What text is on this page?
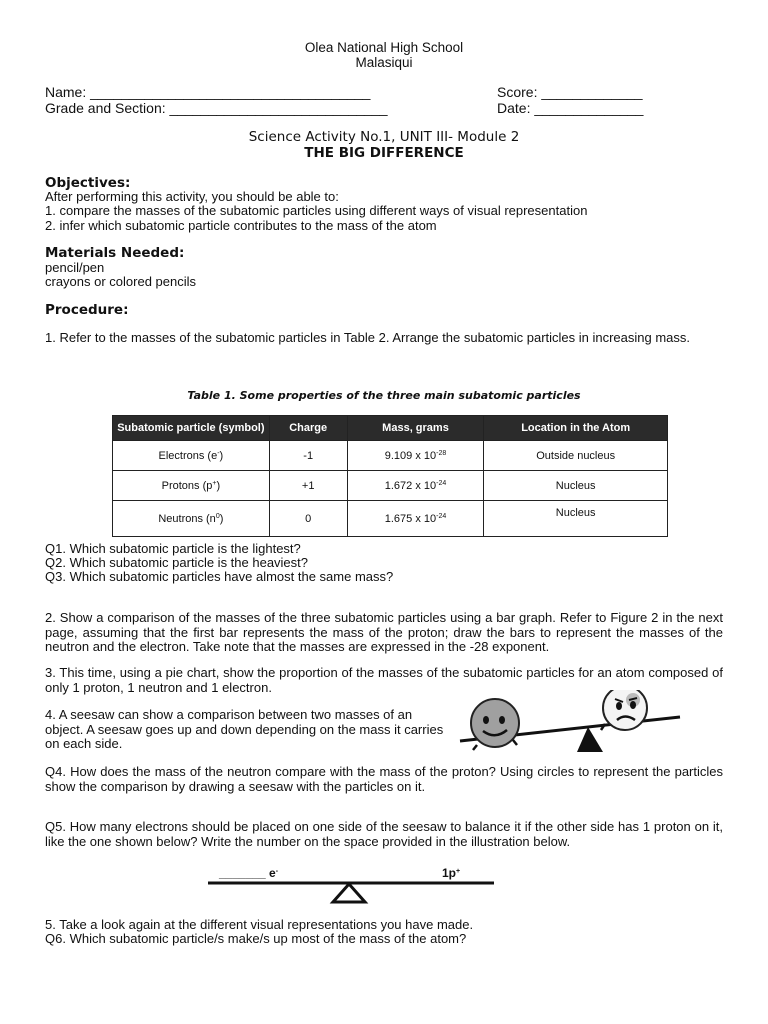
Olea National High School
Malasiqui
Name: ____________________________________	Score: _____________
Grade and Section: ____________________________	Date: ______________
Science Activity No.1, UNIT III- Module 2
THE BIG DIFFERENCE
Objectives:
After performing this activity, you should be able to:
1. compare the masses of the subatomic particles using different ways of visual representation
2. infer which subatomic particle contributes to the mass of the atom
Materials Needed:
pencil/pen
crayons or colored pencils
Procedure:
1. Refer to the masses of the subatomic particles in Table 2. Arrange the subatomic particles in increasing mass.
Table 1. Some properties of the three main subatomic particles
Subatomic particle (symbol)	Charge	Mass, grams	Location in the Atom
Electrons (e-)	-1	9.109 x $10^{-28}$	Outside nucleus
Protons (p+)	+1	1.672 x $10^{-24}$	Nucleus
Neutrons $(n^0)$	0	1.675 x $10^{-24}$	Nucleus
Q1. Which subatomic particle is the lightest?
Q2. Which subatomic particle is the heaviest?
Q3. Which subatomic particles have almost the same mass?
2. Show a comparison of the masses of the three subatomic particles using a bar graph. Refer to Figure 2 in the next page, assuming that the first bar represents the mass of the proton; draw the bars to represent the masses of the neutron and the electron. Take note that the masses are expressed in the -28 exponent.
3. This time, using a pie chart, show the proportion of the masses of the subatomic particles for an atom composed of only 1 proton, 1 neutron and 1 electron.
4. A seesaw can show a comparison between two masses of an object. A seesaw goes up and down depending on the mass it carries on each side.
Q4. How does the mass of the neutron compare with the mass of the proton? Using circles to represent the particles show the comparison by drawing a seesaw with the particles on it.
Q5. How many electrons should be placed on one side of the seesaw to balance it if the other side has 1 proton on it, like the one shown below? Write the number on the space provided in the illustration below.
_______ e-	1p+
5. Take a look again at the different visual representations you have made.
Q6. Which subatomic particle/s make/s up most of the mass of the atom?
